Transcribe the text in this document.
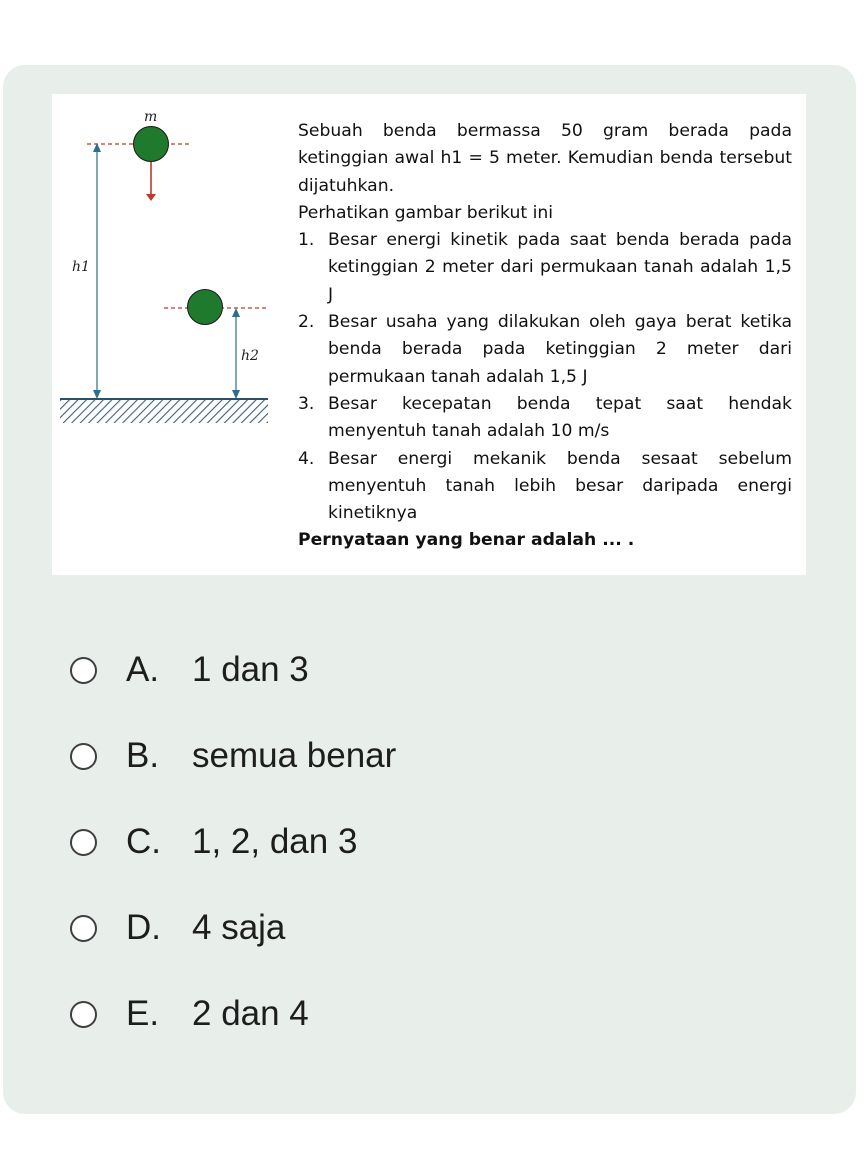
m
h1
h2

Sebuah benda bermassa 50 gram berada pada ketinggian awal h1 = 5 meter. Kemudian benda tersebut dijatuhkan.

Perhatikan gambar berikut ini

1. Besar energi kinetik pada saat benda berada pada ketinggian 2 meter dari permukaan tanah adalah 1,5 J
2. Besar usaha yang dilakukan oleh gaya berat ketika benda berada pada ketinggian 2 meter dari permukaan tanah adalah 1,5 J
3. Besar kecepatan benda tepat saat hendak menyentuh tanah adalah 10 m/s
4. Besar energi mekanik benda sesaat sebelum menyentuh tanah lebih besar daripada energi kinetiknya

Pernyataan yang benar adalah ... .

A. 1 dan 3
B. semua benar
C. 1, 2, dan 3
D. 4 saja
E. 2 dan 4
